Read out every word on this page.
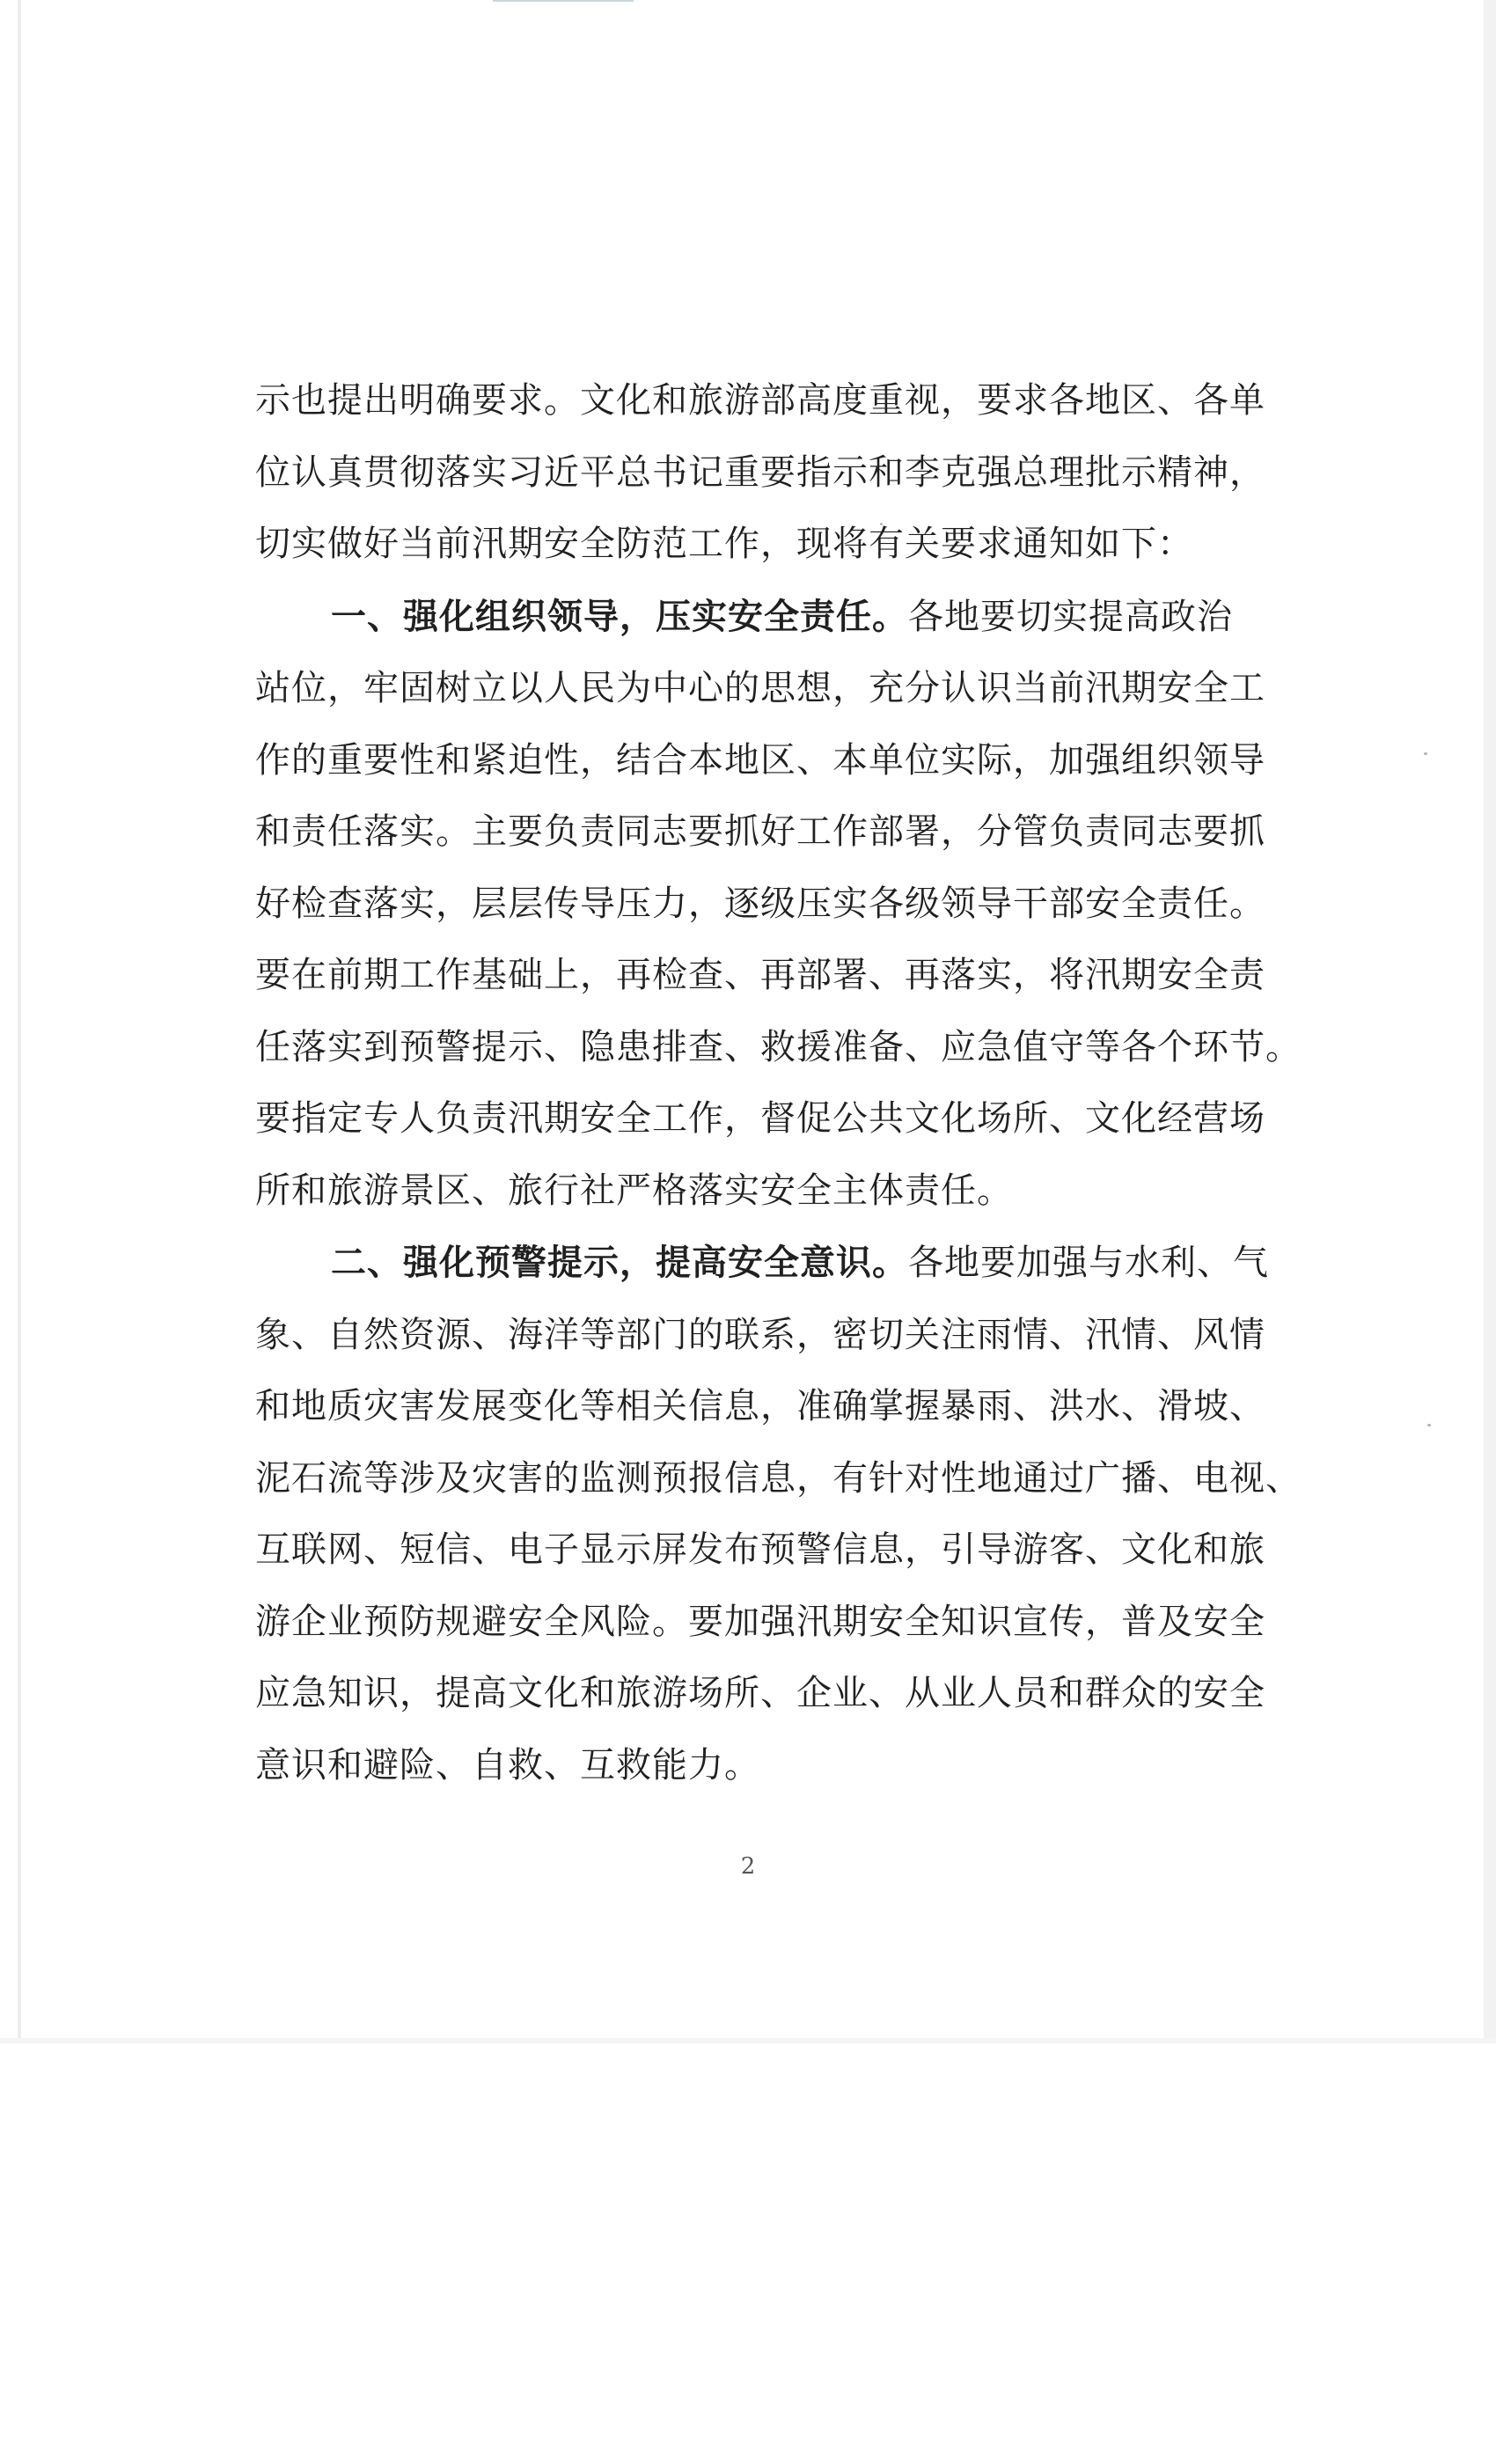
示也提出明确要求。文化和旅游部高度重视，要求各地区、各单
位认真贯彻落实习近平总书记重要指示和李克强总理批示精神，
切实做好当前汛期安全防范工作，现将有关要求通知如下：
一、强化组织领导，压实安全责任。各地要切实提高政治
站位，牢固树立以人民为中心的思想，充分认识当前汛期安全工
作的重要性和紧迫性，结合本地区、本单位实际，加强组织领导
和责任落实。主要负责同志要抓好工作部署，分管负责同志要抓
好检查落实，层层传导压力，逐级压实各级领导干部安全责任。
要在前期工作基础上，再检查、再部署、再落实，将汛期安全责
任落实到预警提示、隐患排查、救援准备、应急值守等各个环节。
要指定专人负责汛期安全工作，督促公共文化场所、文化经营场
所和旅游景区、旅行社严格落实安全主体责任。
二、强化预警提示，提高安全意识。各地要加强与水利、气
象、自然资源、海洋等部门的联系，密切关注雨情、汛情、风情
和地质灾害发展变化等相关信息，准确掌握暴雨、洪水、滑坡、
泥石流等涉及灾害的监测预报信息，有针对性地通过广播、电视、
互联网、短信、电子显示屏发布预警信息，引导游客、文化和旅
游企业预防规避安全风险。要加强汛期安全知识宣传，普及安全
应急知识，提高文化和旅游场所、企业、从业人员和群众的安全
意识和避险、自救、互救能力。
2
